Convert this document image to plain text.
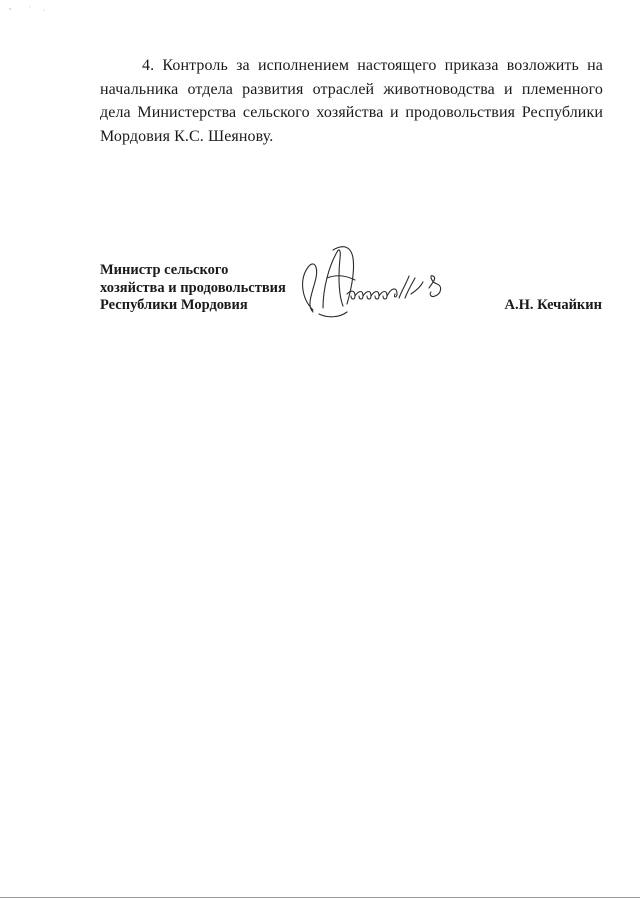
4. Контроль за исполнением настоящего приказа возложить на начальника отдела развития отраслей животноводства и племенного дела Министерства сельского хозяйства и продовольствия Республики Мордовия К.С. Шеянову.

Министр сельского
хозяйства и продовольствия
Республики Мордовия	А.Н. Кечайкин
